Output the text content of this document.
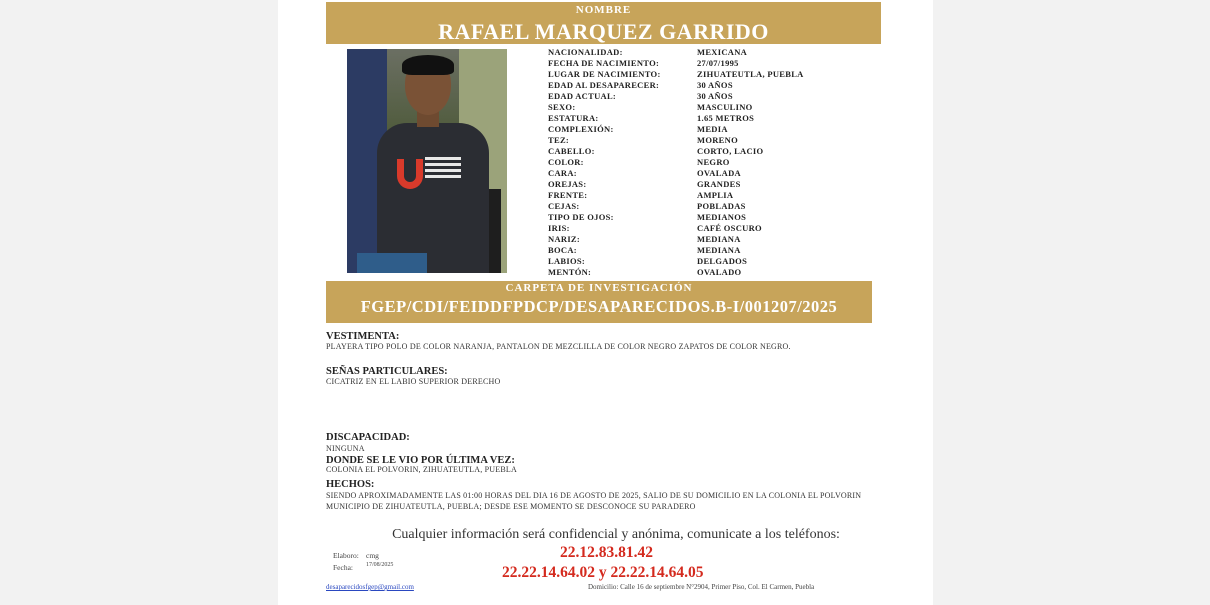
NOMBRE
RAFAEL MARQUEZ GARRIDO
NACIONALIDAD:	MEXICANA
FECHA DE NACIMIENTO:	27/07/1995
LUGAR DE NACIMIENTO:	ZIHUATEUTLA, PUEBLA
EDAD AL DESAPARECER:	30 AÑOS
EDAD ACTUAL:	30 AÑOS
SEXO:	MASCULINO
ESTATURA:	1.65 METROS
COMPLEXIÓN:	MEDIA
TEZ:	MORENO
CABELLO:	CORTO, LACIO
COLOR:	NEGRO
CARA:	OVALADA
OREJAS:	GRANDES
FRENTE:	AMPLIA
CEJAS:	POBLADAS
TIPO DE OJOS:	MEDIANOS
IRIS:	CAFÉ OSCURO
NARIZ:	MEDIANA
BOCA:	MEDIANA
LABIOS:	DELGADOS
MENTÓN:	OVALADO
CARPETA DE INVESTIGACIÓN
FGEP/CDI/FEIDDFPDCP/DESAPARECIDOS.B-I/001207/2025
VESTIMENTA:
PLAYERA TIPO POLO DE COLOR NARANJA, PANTALON DE MEZCLILLA DE COLOR NEGRO ZAPATOS DE COLOR NEGRO.
SEÑAS PARTICULARES:
CICATRIZ EN EL LABIO SUPERIOR DERECHO
DISCAPACIDAD:
NINGUNA
DONDE SE LE VIO POR ÚLTIMA VEZ:
COLONIA EL POLVORIN, ZIHUATEUTLA, PUEBLA
HECHOS:
SIENDO APROXIMADAMENTE LAS 01:00 HORAS DEL DIA 16 DE AGOSTO DE 2025, SALIO DE SU DOMICILIO EN LA COLONIA EL POLVORIN
MUNICIPIO DE ZIHUATEUTLA, PUEBLA; DESDE ESE MOMENTO SE DESCONOCE SU PARADERO
Cualquier información será confidencial y anónima, comunicate a los teléfonos:
22.12.83.81.42
22.22.14.64.02 y 22.22.14.64.05
Elaboro: cmg
Fecha: 17/08/2025
desaparecidosfgep@gmail.com	Domicilio: Calle 16 de septiembre N°2904, Primer Piso, Col. El Carmen, Puebla
